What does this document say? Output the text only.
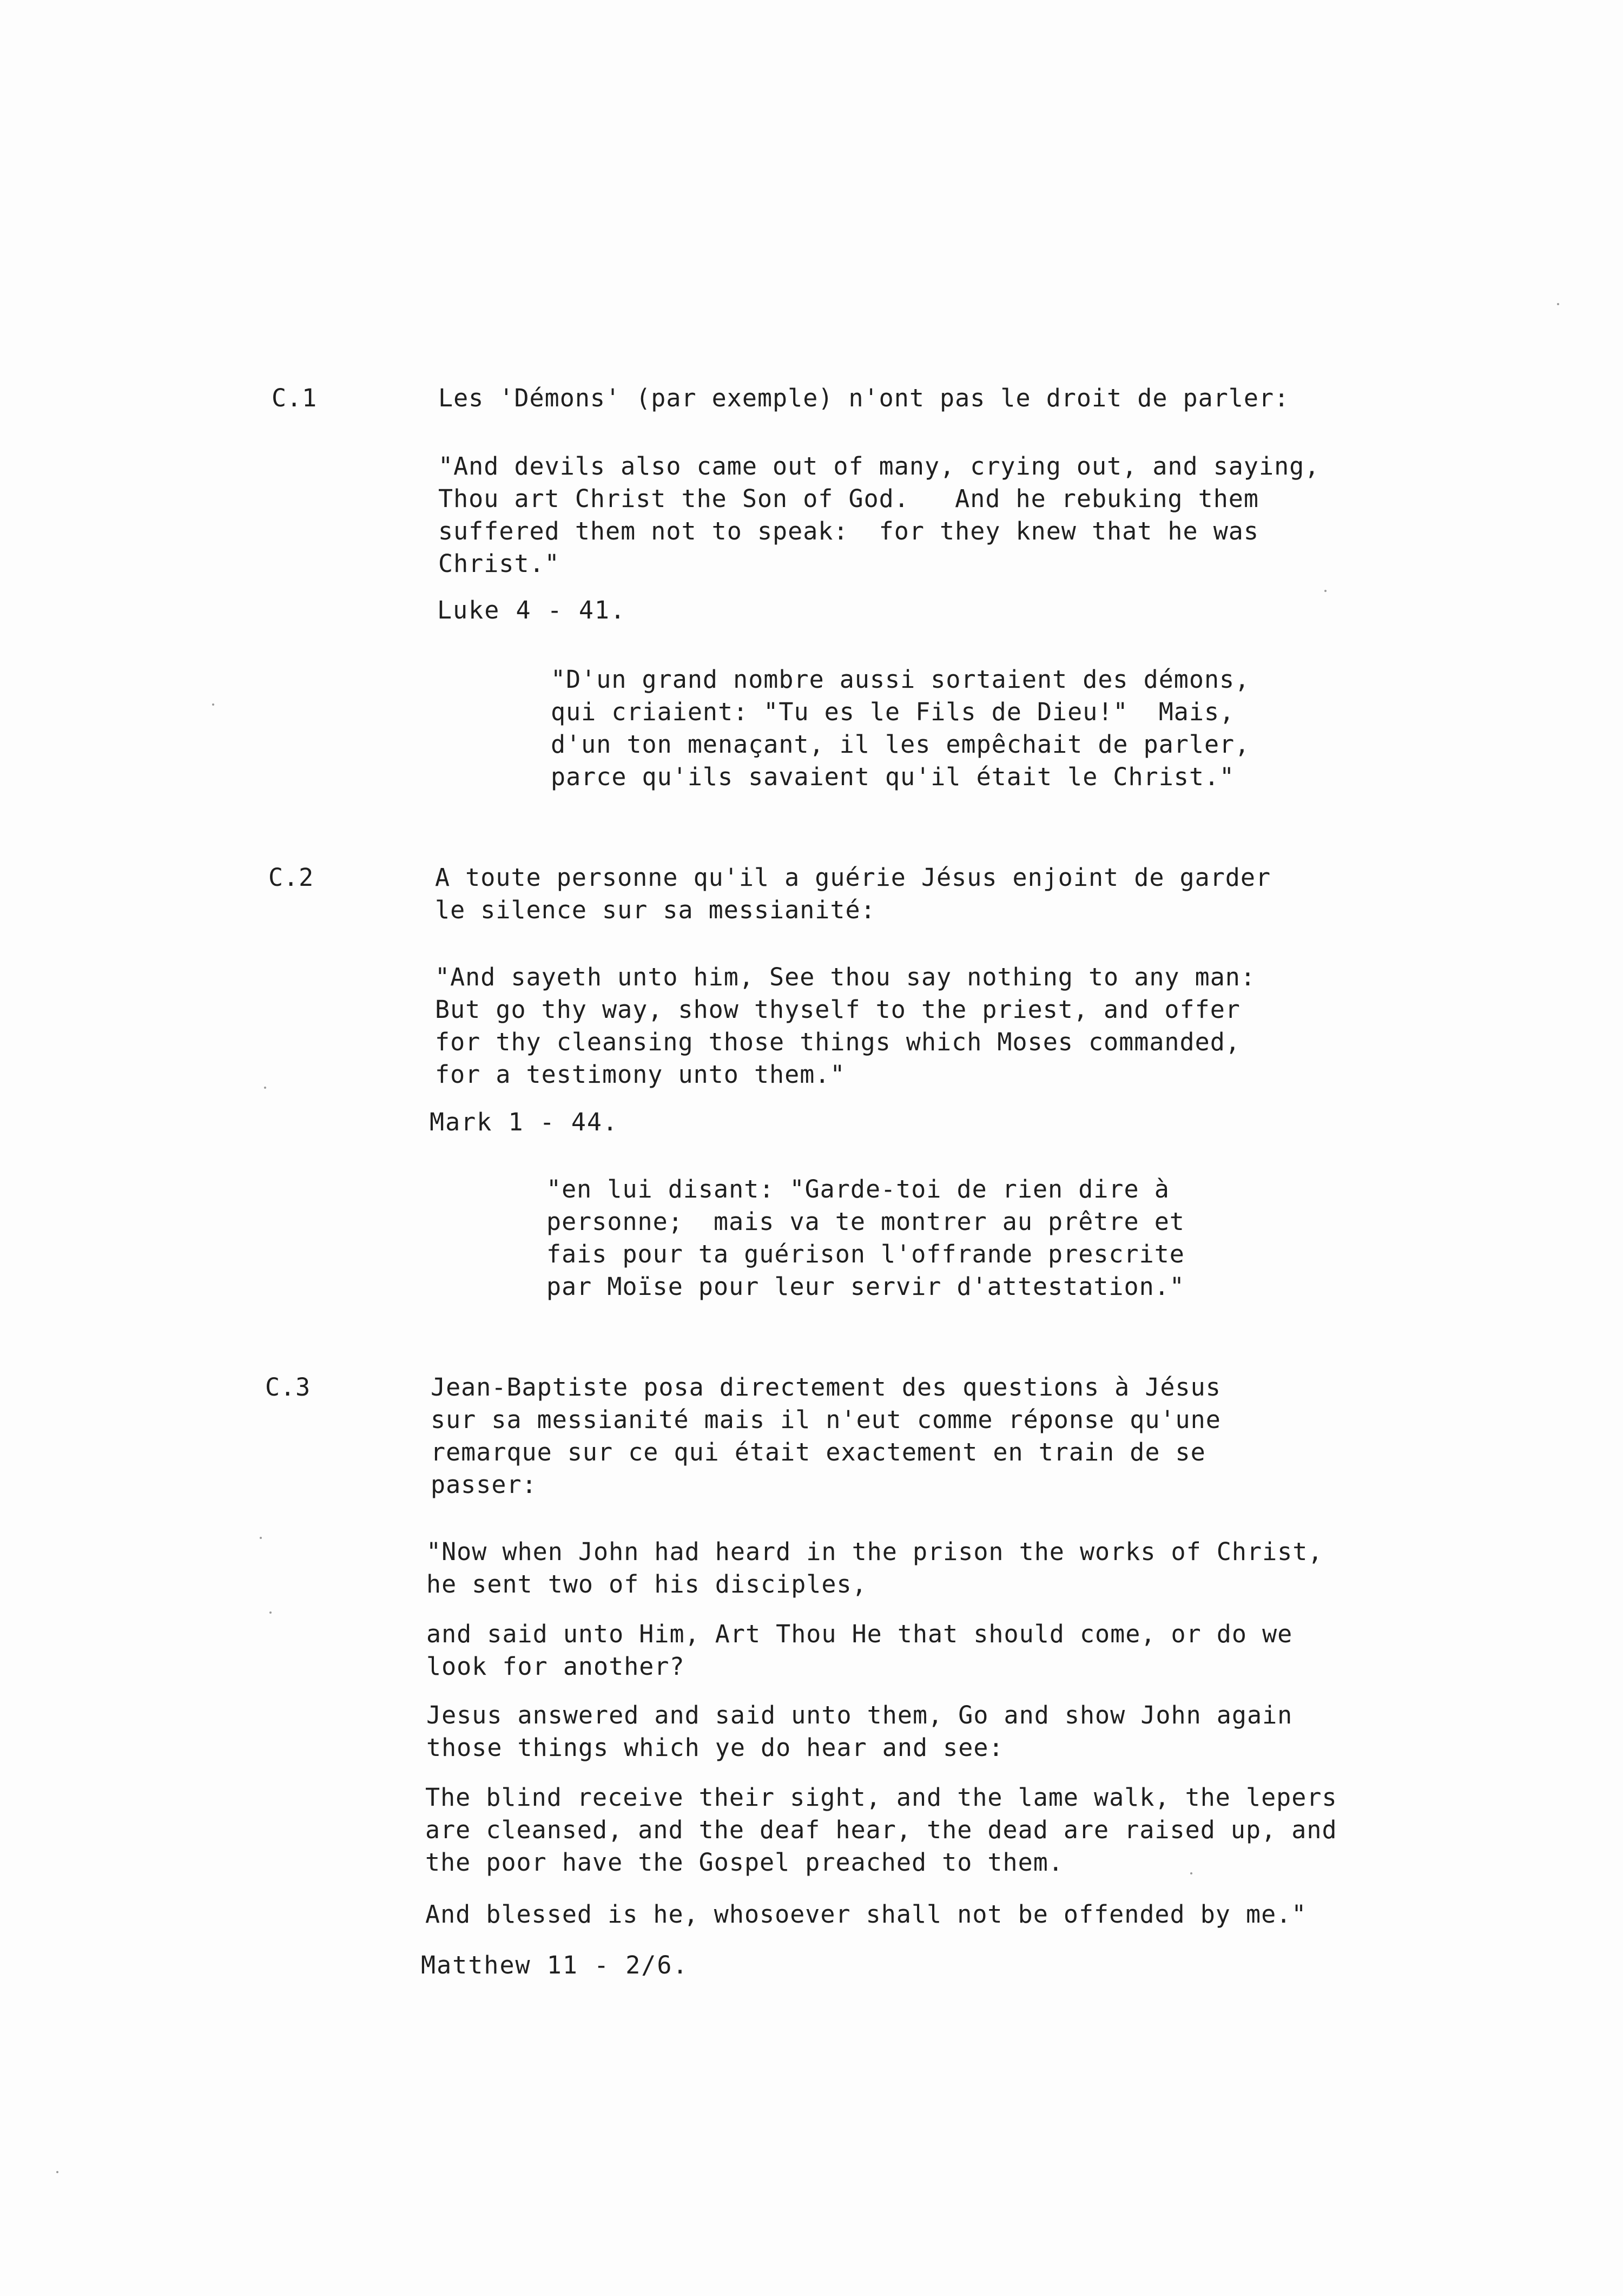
C.1	Les 'Démons' (par exemple) n'ont pas le droit de parler:
"And devils also came out of many, crying out, and saying,
Thou art Christ the Son of God.   And he rebuking them
suffered them not to speak:  for they knew that he was
Christ."
Luke 4 - 41.
"D'un grand nombre aussi sortaient des démons,
qui criaient: "Tu es le Fils de Dieu!"  Mais,
d'un ton menaçant, il les empêchait de parler,
parce qu'ils savaient qu'il était le Christ."
C.2	A toute personne qu'il a guérie Jésus enjoint de garder
le silence sur sa messianité:
"And sayeth unto him, See thou say nothing to any man:
But go thy way, show thyself to the priest, and offer
for thy cleansing those things which Moses commanded,
for a testimony unto them."
Mark 1 - 44.
"en lui disant: "Garde-toi de rien dire à
personne;  mais va te montrer au prêtre et
fais pour ta guérison l'offrande prescrite
par Moïse pour leur servir d'attestation."
C.3	Jean-Baptiste posa directement des questions à Jésus
sur sa messianité mais il n'eut comme réponse qu'une
remarque sur ce qui était exactement en train de se
passer:
"Now when John had heard in the prison the works of Christ,
he sent two of his disciples,
and said unto Him, Art Thou He that should come, or do we
look for another?
Jesus answered and said unto them, Go and show John again
those things which ye do hear and see:
The blind receive their sight, and the lame walk, the lepers
are cleansed, and the deaf hear, the dead are raised up, and
the poor have the Gospel preached to them.
And blessed is he, whosoever shall not be offended by me."
Matthew 11 - 2/6.
